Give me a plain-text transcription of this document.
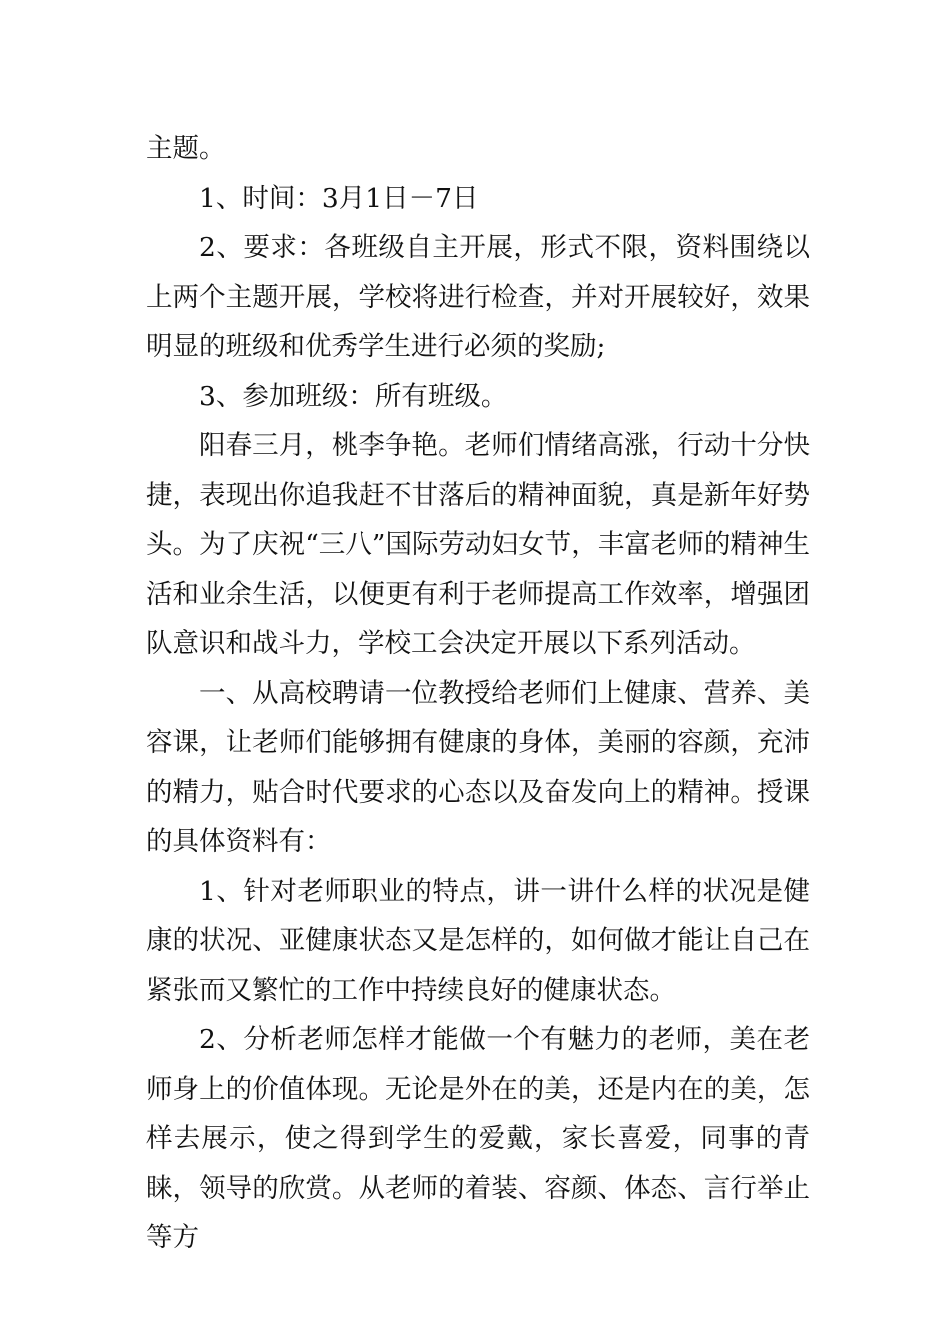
主题。

1、时间：3月1日－7日

2、要求：各班级自主开展，形式不限，资料围绕以上两个主题开展，学校将进行检查，并对开展较好，效果明显的班级和优秀学生进行必须的奖励;

3、参加班级：所有班级。

阳春三月，桃李争艳。老师们情绪高涨，行动十分快捷，表现出你追我赶不甘落后的精神面貌，真是新年好势头。为了庆祝“三八”国际劳动妇女节，丰富老师的精神生活和业余生活，以便更有利于老师提高工作效率，增强团队意识和战斗力，学校工会决定开展以下系列活动。

一、从高校聘请一位教授给老师们上健康、营养、美容课，让老师们能够拥有健康的身体，美丽的容颜，充沛的精力，贴合时代要求的心态以及奋发向上的精神。授课的具体资料有：

1、针对老师职业的特点，讲一讲什么样的状况是健康的状况、亚健康状态又是怎样的，如何做才能让自己在紧张而又繁忙的工作中持续良好的健康状态。

2、分析老师怎样才能做一个有魅力的老师，美在老师身上的价值体现。无论是外在的美，还是内在的美，怎样去展示，使之得到学生的爱戴，家长喜爱，同事的青睐，领导的欣赏。从老师的着装、容颜、体态、言行举止等方
